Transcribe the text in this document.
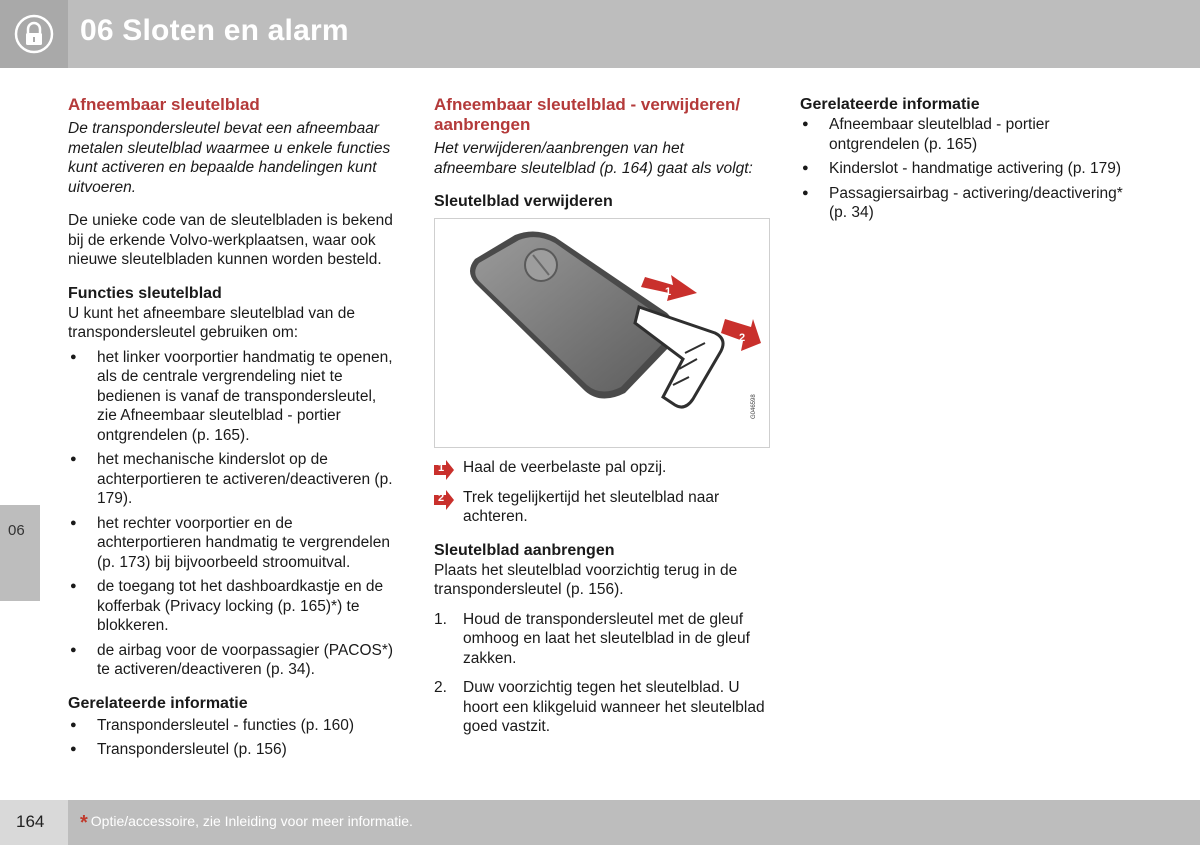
06 Sloten en alarm
06
Afneembaar sleutelblad

De transpondersleutel bevat een afneembaar metalen sleutelblad waarmee u enkele functies kunt activeren en bepaalde handelingen kunt uitvoeren.

De unieke code van de sleutelbladen is bekend bij de erkende Volvo-werkplaatsen, waar ook nieuwe sleutelbladen kunnen worden besteld.

Functies sleutelblad

U kunt het afneembare sleutelblad van de transpondersleutel gebruiken om:

● het linker voorportier handmatig te openen, als de centrale vergrendeling niet te bedienen is vanaf de transpondersleutel, zie Afneembaar sleutelblad - portier ontgrendelen (p. 165).
● het mechanische kinderslot op de achterportieren te activeren/deactiveren (p. 179).
● het rechter voorportier en de achterportieren handmatig te vergrendelen (p. 173) bij bijvoorbeeld stroomuitval.
● de toegang tot het dashboardkastje en de kofferbak (Privacy locking (p. 165)*) te blokkeren.
● de airbag voor de voorpassagier (PACOS*) te activeren/deactiveren (p. 34).
Gerelateerde informatie
● Transpondersleutel - functies (p. 160)
● Transpondersleutel (p. 156)
Afneembaar sleutelblad - verwijderen/ aanbrengen

Het verwijderen/aanbrengen van het afneembare sleutelblad (p. 164) gaat als volgt:

Sleutelblad verwijderen
1
2
G046598
1 Haal de veerbelaste pal opzij.
2 Trek tegelijkertijd het sleutelblad naar achteren.
Sleutelblad aanbrengen

Plaats het sleutelblad voorzichtig terug in de transpondersleutel (p. 156).

1. Houd de transpondersleutel met de gleuf omhoog en laat het sleutelblad in de gleuf zakken.
2. Duw voorzichtig tegen het sleutelblad. U hoort een klikgeluid wanneer het sleutelblad goed vastzit.
Gerelateerde informatie
● Afneembaar sleutelblad - portier ontgrendelen (p. 165)
● Kinderslot - handmatige activering (p. 179)
● Passagiersairbag - activering/deactivering* (p. 34)
164 * Optie/accessoire, zie Inleiding voor meer informatie.
